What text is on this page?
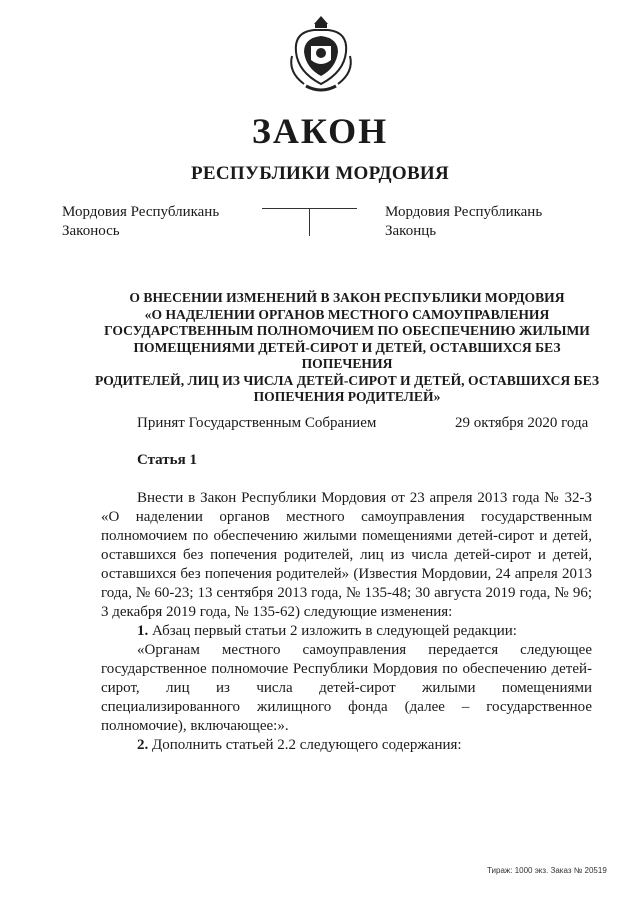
ЗАКОН
РЕСПУБЛИКИ МОРДОВИЯ
Мордовия Республикань
Законось
Мордовия Республикань
Законць
О ВНЕСЕНИИ ИЗМЕНЕНИЙ В ЗАКОН РЕСПУБЛИКИ МОРДОВИЯ
«О НАДЕЛЕНИИ ОРГАНОВ МЕСТНОГО САМОУПРАВЛЕНИЯ
ГОСУДАРСТВЕННЫМ ПОЛНОМОЧИЕМ ПО ОБЕСПЕЧЕНИЮ ЖИЛЫМИ
ПОМЕЩЕНИЯМИ ДЕТЕЙ-СИРОТ И ДЕТЕЙ, ОСТАВШИХСЯ БЕЗ ПОПЕЧЕНИЯ
РОДИТЕЛЕЙ, ЛИЦ ИЗ ЧИСЛА ДЕТЕЙ-СИРОТ И ДЕТЕЙ, ОСТАВШИХСЯ БЕЗ
ПОПЕЧЕНИЯ РОДИТЕЛЕЙ»
Принят Государственным Собранием	29 октября 2020 года
Статья 1

Внести в Закон Республики Мордовия от 23 апреля 2013 года № 32-З «О наделении органов местного самоуправления государственным полномочием по обеспечению жилыми помещениями детей-сирот и детей, оставшихся без попечения родителей, лиц из числа детей-сирот и детей, оставшихся без попечения родителей» (Известия Мордовии, 24 апреля 2013 года, № 60-23; 13 сентября 2013 года, № 135-48; 30 августа 2019 года, № 96; 3 декабря 2019 года, № 135-62) следующие изменения:

1. Абзац первый статьи 2 изложить в следующей редакции:

«Органам местного самоуправления передается следующее государственное полномочие Республики Мордовия по обеспечению детей-сирот, лиц из числа детей-сирот жилыми помещениями специализированного жилищного фонда (далее – государственное полномочие), включающее:».

2. Дополнить статьей 2.2 следующего содержания:

Тираж: 1000 экз. Заказ № 20519
